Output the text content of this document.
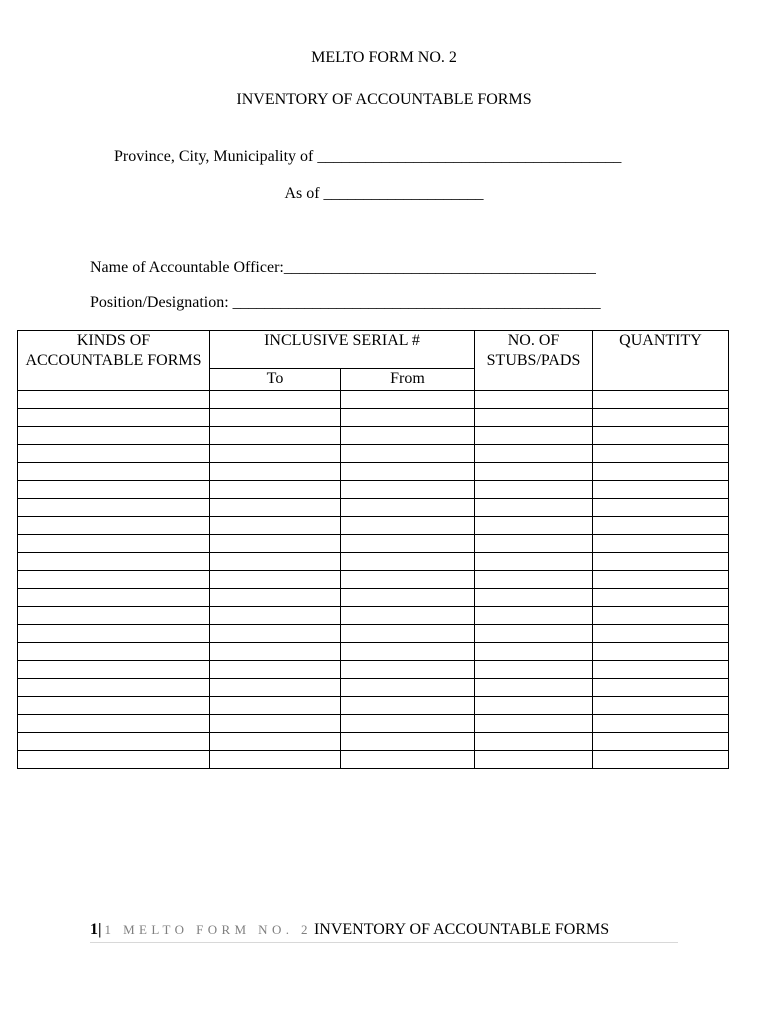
MELTO FORM NO. 2
INVENTORY OF ACCOUNTABLE FORMS
Province, City, Municipality of ______________________________________
As of ____________________
Name of Accountable Officer:_______________________________________
Position/Designation: ______________________________________________
KINDS OF ACCOUNTABLE FORMS	INCLUSIVE SERIAL #		NO. OF STUBS/PADS	QUANTITY
	To	From		

1| 1 MELTO FORM NO. 2 INVENTORY OF ACCOUNTABLE FORMS
